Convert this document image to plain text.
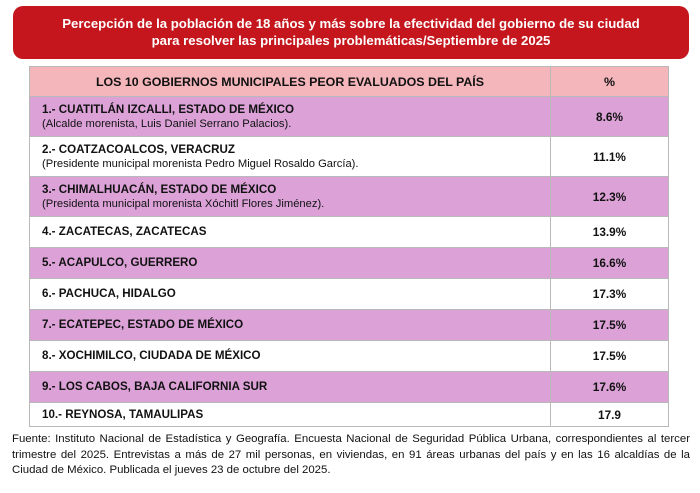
Percepción de la población de 18 años y más sobre la efectividad del gobierno de su ciudad
para resolver las principales problemáticas/Septiembre de 2025
LOS 10 GOBIERNOS MUNICIPALES PEOR EVALUADOS DEL PAÍS	%

1.- CUATITLÁN IZCALLI, ESTADO DE MÉXICO
(Alcalde morenista, Luis Daniel Serrano Palacios).	8.6%

2.- COATZACOALCOS, VERACRUZ
(Presidente municipal morenista Pedro Miguel Rosaldo García).	11.1%

3.- CHIMALHUACÁN, ESTADO DE MÉXICO
(Presidenta municipal morenista Xóchitl Flores Jiménez).	12.3%

4.- ZACATECAS, ZACATECAS	13.9%

5.- ACAPULCO, GUERRERO	16.6%

6.- PACHUCA, HIDALGO	17.3%

7.- ECATEPEC, ESTADO DE MÉXICO	17.5%

8.- XOCHIMILCO, CIUDADA DE MÉXICO	17.5%

9.- LOS CABOS, BAJA CALIFORNIA SUR	17.6%

10.- REYNOSA, TAMAULIPAS	17.9
Fuente: Instituto Nacional de Estadística y Geografía. Encuesta Nacional de Seguridad Pública Urbana, correspondientes al tercer trimestre del 2025. Entrevistas a más de 27 mil personas, en viviendas, en 91 áreas urbanas del país y en las 16 alcaldías de la Ciudad de México. Publicada el jueves 23 de octubre del 2025.
